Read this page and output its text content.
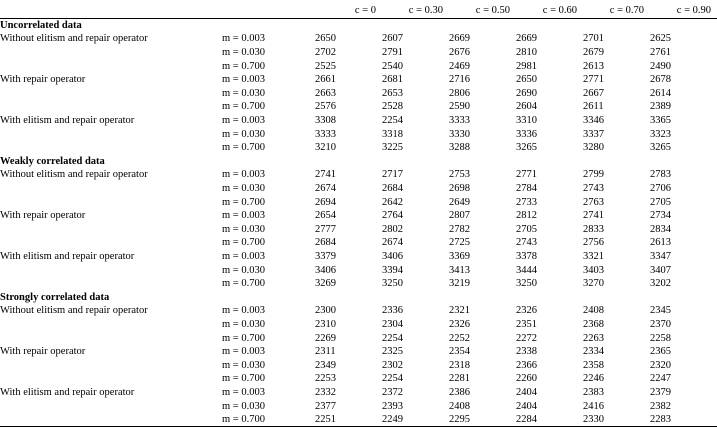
		c = 0	c = 0.30	c = 0.50	c = 0.60	c = 0.70	c = 0.90
Uncorrelated data							
Without elitism and repair operator	m = 0.003	2650	2607	2669	2669	2701	2625
	m = 0.030	2702	2791	2676	2810	2679	2761
	m = 0.700	2525	2540	2469	2981	2613	2490
With repair operator	m = 0.003	2661	2681	2716	2650	2771	2678
	m = 0.030	2663	2653	2806	2690	2667	2614
	m = 0.700	2576	2528	2590	2604	2611	2389
With elitism and repair operator	m = 0.003	3308	2254	3333	3310	3346	3365
	m = 0.030	3333	3318	3330	3336	3337	3323
	m = 0.700	3210	3225	3288	3265	3280	3265
Weakly correlated data							
Without elitism and repair operator	m = 0.003	2741	2717	2753	2771	2799	2783
	m = 0.030	2674	2684	2698	2784	2743	2706
	m = 0.700	2694	2642	2649	2733	2763	2705
With repair operator	m = 0.003	2654	2764	2807	2812	2741	2734
	m = 0.030	2777	2802	2782	2705	2833	2834
	m = 0.700	2684	2674	2725	2743	2756	2613
With elitism and repair operator	m = 0.003	3379	3406	3369	3378	3321	3347
	m = 0.030	3406	3394	3413	3444	3403	3407
	m = 0.700	3269	3250	3219	3250	3270	3202
Strongly correlated data							
Without elitism and repair operator	m = 0.003	2300	2336	2321	2326	2408	2345
	m = 0.030	2310	2304	2326	2351	2368	2370
	m = 0.700	2269	2254	2252	2272	2263	2258
With repair operator	m = 0.003	2311	2325	2354	2338	2334	2365
	m = 0.030	2349	2302	2318	2366	2358	2320
	m = 0.700	2253	2254	2281	2260	2246	2247
With elitism and repair operator	m = 0.003	2332	2372	2386	2404	2383	2379
	m = 0.030	2377	2393	2408	2404	2416	2382
	m = 0.700	2251	2249	2295	2284	2330	2283
